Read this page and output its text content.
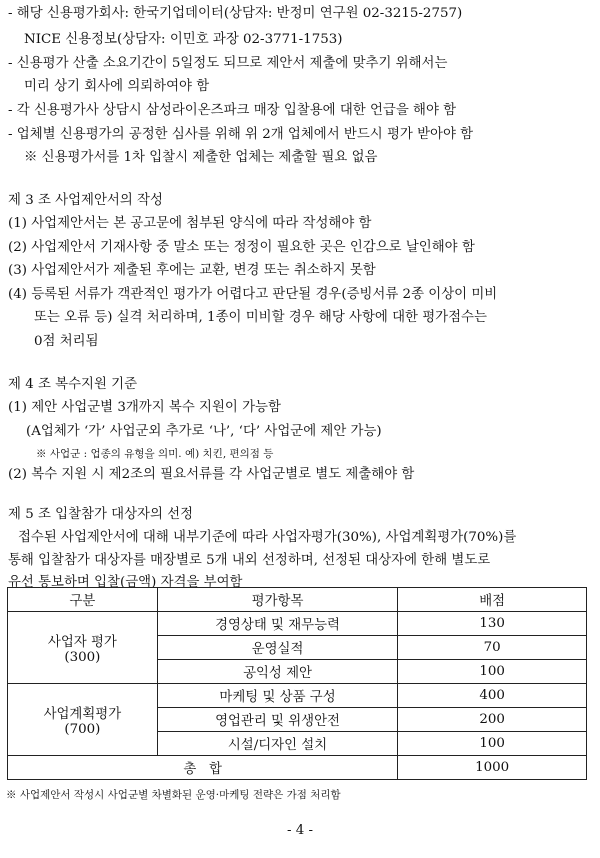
- 해당 신용평가회사: 한국기업데이터(상담자: 반정미 연구원 02-3215-2757)
NICE 신용정보(상담자: 이민호 과장 02-3771-1753)
- 신용평가 산출 소요기간이 5일정도 되므로 제안서 제출에 맞추기 위해서는
미리 상기 회사에 의뢰하여야 함
- 각 신용평가사 상담시 삼성라이온즈파크 매장 입찰용에 대한 언급을 해야 함
- 업체별 신용평가의 공정한 심사를 위해 위 2개 업체에서 반드시 평가 받아야 함
※ 신용평가서를 1차 입찰시 제출한 업체는 제출할 필요 없음
제 3 조 사업제안서의 작성
(1) 사업제안서는 본 공고문에 첨부된 양식에 따라 작성해야 함
(2) 사업제안서 기재사항 중 말소 또는 정정이 필요한 곳은 인감으로 날인해야 함
(3) 사업제안서가 제출된 후에는 교환, 변경 또는 취소하지 못함
(4) 등록된 서류가 객관적인 평가가 어렵다고 판단될 경우(증빙서류 2종 이상이 미비
또는 오류 등) 실격 처리하며, 1종이 미비할 경우 해당 사항에 대한 평가점수는
0점 처리됨
제 4 조 복수지원 기준
(1) 제안 사업군별 3개까지 복수 지원이 가능함
(A업체가 ‘가’ 사업군외 추가로 ‘나’, ‘다’ 사업군에 제안 가능)
※ 사업군 : 업종의 유형을 의미. 예) 치킨, 편의점 등
(2) 복수 지원 시 제2조의 필요서류를 각 사업군별로 별도 제출해야 함
제 5 조 입찰참가 대상자의 선정
접수된 사업제안서에 대해 내부기준에 따라 사업자평가(30%), 사업계획평가(70%)를
통해 입찰참가 대상자를 매장별로 5개 내외 선정하며, 선정된 대상자에 한해 별도로
유선 통보하며 입찰(금액) 자격을 부여함
구분	평가항목	배점

사업자 평가
(300)	경영상태 및 재무능력	130
	운영실적	70
	공익성 제안	100

사업계획평가
(700)	마케팅 및 상품 구성	400
	영업관리 및 위생안전	200
	시설/디자인 설치	100
총   합		1000
※ 사업제안서 작성시 사업군별 차별화된 운영·마케팅 전략은 가점 처리함
- 4 -
